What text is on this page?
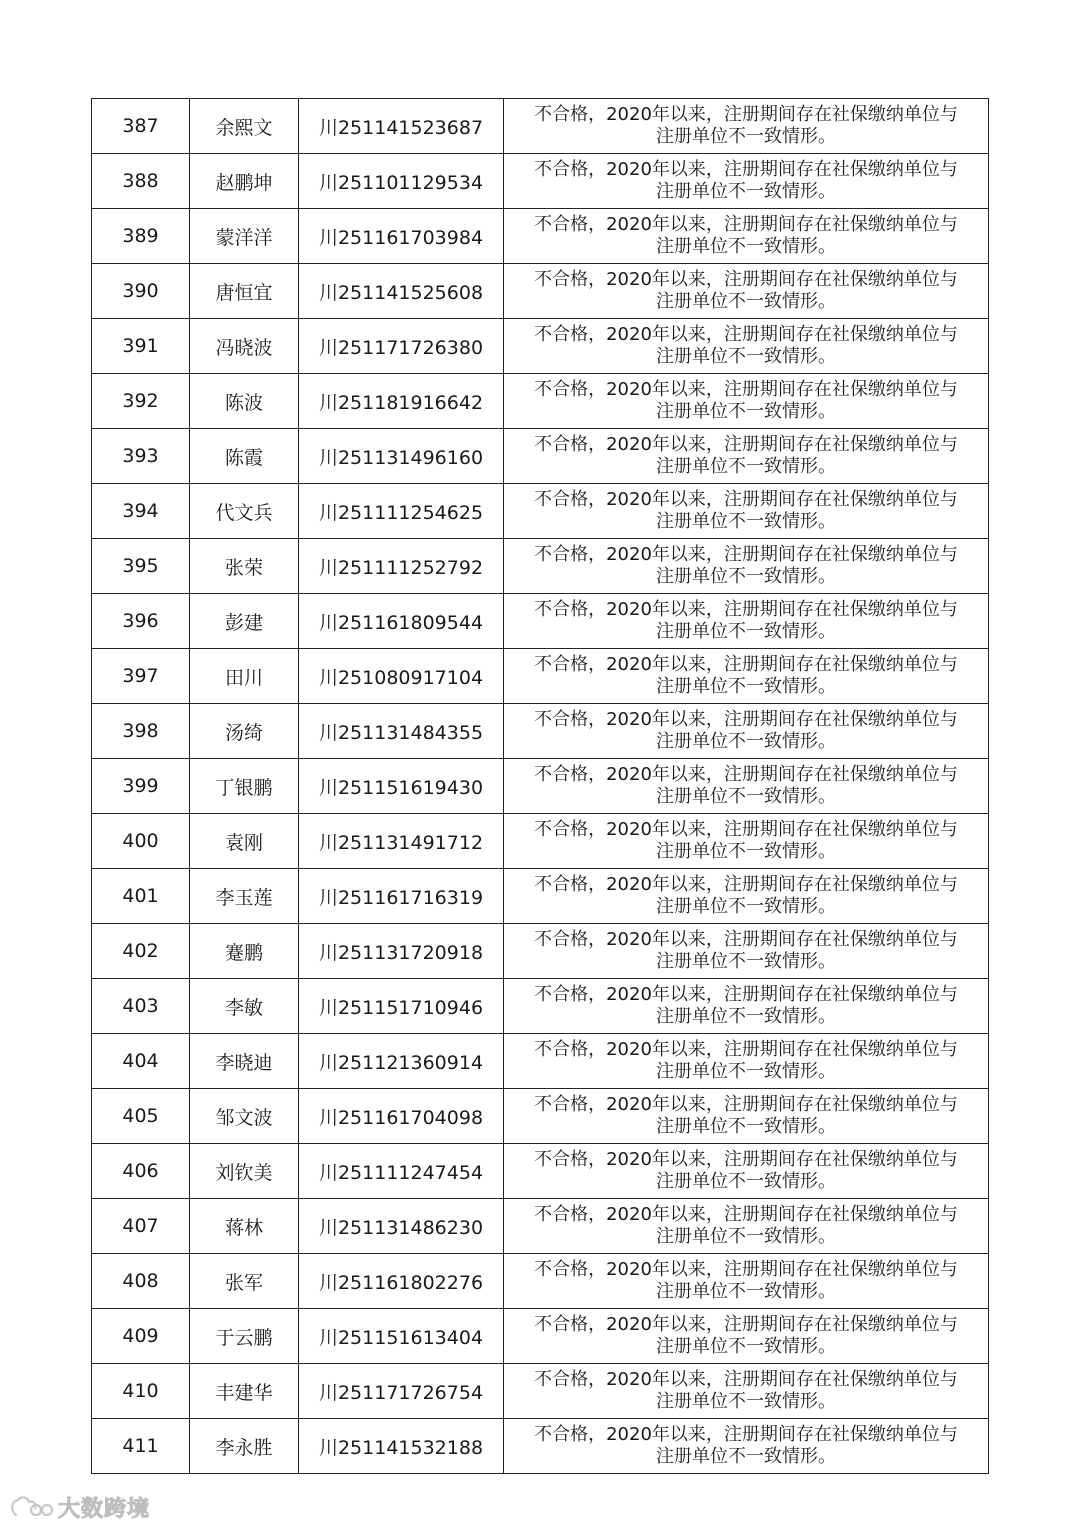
387	余熙文	川251141523687	不合格，2020年以来，注册期间存在社保缴纳单位与
注册单位不一致情形。

388	赵鹏坤	川251101129534	不合格，2020年以来，注册期间存在社保缴纳单位与
注册单位不一致情形。

389	蒙洋洋	川251161703984	不合格，2020年以来，注册期间存在社保缴纳单位与
注册单位不一致情形。

390	唐恒宜	川251141525608	不合格，2020年以来，注册期间存在社保缴纳单位与
注册单位不一致情形。

391	冯晓波	川251171726380	不合格，2020年以来，注册期间存在社保缴纳单位与
注册单位不一致情形。

392	陈波	川251181916642	不合格，2020年以来，注册期间存在社保缴纳单位与
注册单位不一致情形。

393	陈霞	川251131496160	不合格，2020年以来，注册期间存在社保缴纳单位与
注册单位不一致情形。

394	代文兵	川251111254625	不合格，2020年以来，注册期间存在社保缴纳单位与
注册单位不一致情形。

395	张荣	川251111252792	不合格，2020年以来，注册期间存在社保缴纳单位与
注册单位不一致情形。

396	彭建	川251161809544	不合格，2020年以来，注册期间存在社保缴纳单位与
注册单位不一致情形。

397	田川	川251080917104	不合格，2020年以来，注册期间存在社保缴纳单位与
注册单位不一致情形。

398	汤绮	川251131484355	不合格，2020年以来，注册期间存在社保缴纳单位与
注册单位不一致情形。

399	丁银鹏	川251151619430	不合格，2020年以来，注册期间存在社保缴纳单位与
注册单位不一致情形。

400	袁刚	川251131491712	不合格，2020年以来，注册期间存在社保缴纳单位与
注册单位不一致情形。

401	李玉莲	川251161716319	不合格，2020年以来，注册期间存在社保缴纳单位与
注册单位不一致情形。

402	蹇鹏	川251131720918	不合格，2020年以来，注册期间存在社保缴纳单位与
注册单位不一致情形。

403	李敏	川251151710946	不合格，2020年以来，注册期间存在社保缴纳单位与
注册单位不一致情形。

404	李晓迪	川251121360914	不合格，2020年以来，注册期间存在社保缴纳单位与
注册单位不一致情形。

405	邹文波	川251161704098	不合格，2020年以来，注册期间存在社保缴纳单位与
注册单位不一致情形。

406	刘钦美	川251111247454	不合格，2020年以来，注册期间存在社保缴纳单位与
注册单位不一致情形。

407	蒋林	川251131486230	不合格，2020年以来，注册期间存在社保缴纳单位与
注册单位不一致情形。

408	张军	川251161802276	不合格，2020年以来，注册期间存在社保缴纳单位与
注册单位不一致情形。

409	于云鹏	川251151613404	不合格，2020年以来，注册期间存在社保缴纳单位与
注册单位不一致情形。

410	丰建华	川251171726754	不合格，2020年以来，注册期间存在社保缴纳单位与
注册单位不一致情形。

411	李永胜	川251141532188	不合格，2020年以来，注册期间存在社保缴纳单位与
注册单位不一致情形。
大数跨境
